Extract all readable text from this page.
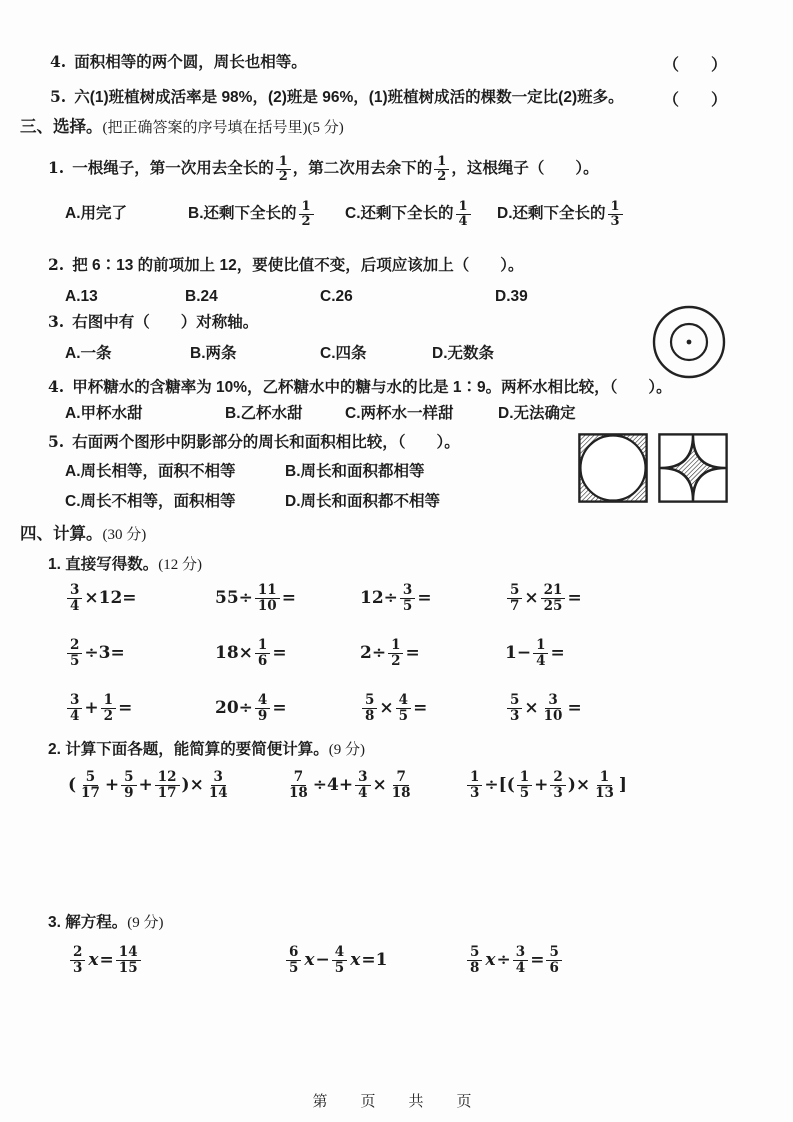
4. 面积相等的两个圆，周长也相等。	（　　）
5. 六(1)班植树成活率是 98%，(2)班是 96%，(1)班植树成活的棵数一定比(2)班多。 （　　）
三、选择。(把正确答案的序号填在括号里)(5 分)
1. 一根绳子，第一次用去全长的 $\frac{1}{2}$ ，第二次用去余下的 $\frac{1}{2}$ ，这根绳子（　　）。
A.用完了	B.还剩下全长的 $\frac{1}{2} C$.还剩下全长的 $\frac{1}{4} D$.还剩下全长的 $\frac{1}{3}$
2. 把 6∶13 的前项加上 12，要使比值不变，后项应该加上（　　）。
A.13	B.24	C.26	D.39
3. 右图中有（　　）对称轴。
A.一条	B.两条	C.四条	D.无数条
4. 甲杯糖水的含糖率为 10%，乙杯糖水中的糖与水的比是 1∶9。两杯水相比较，（　　）。
A.甲杯水甜	B.乙杯水甜	C.两杯水一样甜	D.无法确定
5. 右面两个图形中阴影部分的周长和面积相比较，（　　）。
A.周长相等，面积不相等	B.周长和面积都相等
C.周长不相等，面积相等	D.周长和面积都不相等
四、计算。(30 分)
1. 直接写得数。(12 分)
$\frac{3}{4} \times 12=$	$55\div \frac{11}{10}$ =	$12\div \frac{3}{5}$ =	$\frac{5}{7} \times \frac{21}{25}$ =
$\frac{2}{5} \div 3=$	$18\times \frac{1}{6}$ =	$2\div \frac{1}{2}$ =	$1- \frac{1}{4}$ =
$\frac{3}{4} + \frac{1}{2}$ =	$20\div \frac{4}{9}$ =	$\frac{5}{8} \times \frac{4}{5}$ =	$\frac{5}{3} \times \frac{3}{10}$ =
2. 计算下面各题，能简算的要简便计算。(9 分)
( $\frac{5}{17} + \frac{5}{9} + \frac{12}{17}$ )× $\frac{3}{14}$	$\frac{7}{18} \div 4+ \frac{3}{4} \times \frac{7}{18}$	$\frac{1}{3}$ ÷[( $\frac{1}{5} + \frac{2}{3}$ )× $\frac{1}{13}$ ]
3. 解方程。(9 分)
$\frac{2}{3}$ $x = \frac{14}{15}$	$\frac{6}{5}$ $x - \frac{4}{5}$ x =1	$\frac{5}{8}$ $x \div \frac{3}{4} = \frac{5}{6}$
第　页　共　页
